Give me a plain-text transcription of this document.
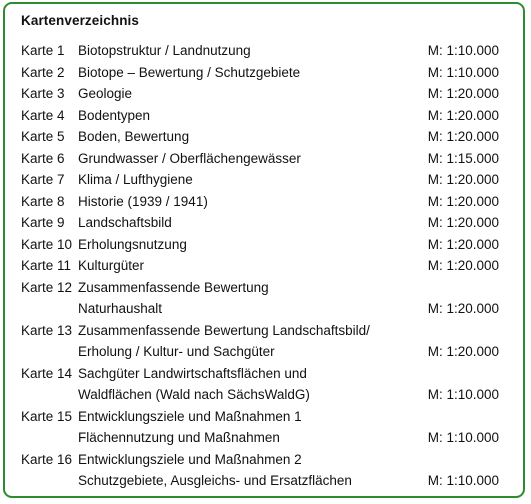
Kartenverzeichnis
Karte 1 Biotopstruktur / Landnutzung	M: 1:10.000
Karte 2 Biotope – Bewertung / Schutzgebiete	M: 1:10.000
Karte 3 Geologie	M: 1:20.000
Karte 4 Bodentypen	M: 1:20.000
Karte 5 Boden, Bewertung	M: 1:20.000
Karte 6 Grundwasser / Oberflächengewässer	M: 1:15.000
Karte 7 Klima / Lufthygiene	M: 1:20.000
Karte 8 Historie (1939 / 1941)	M: 1:20.000
Karte 9 Landschaftsbild	M: 1:20.000
Karte 10 Erholungsnutzung	M: 1:20.000
Karte 11 Kulturgüter	M: 1:20.000
Karte 12 Zusammenfassende Bewertung
Naturhaushalt	M: 1:20.000
Karte 13 Zusammenfassende Bewertung Landschaftsbild/
Erholung / Kultur- und Sachgüter	M: 1:20.000
Karte 14 Sachgüter Landwirtschaftsflächen und
Waldflächen (Wald nach SächsWaldG)	M: 1:10.000
Karte 15 Entwicklungsziele und Maßnahmen 1
Flächennutzung und Maßnahmen	M: 1:10.000
Karte 16 Entwicklungsziele und Maßnahmen 2
Schutzgebiete, Ausgleichs- und Ersatzflächen	M: 1:10.000
